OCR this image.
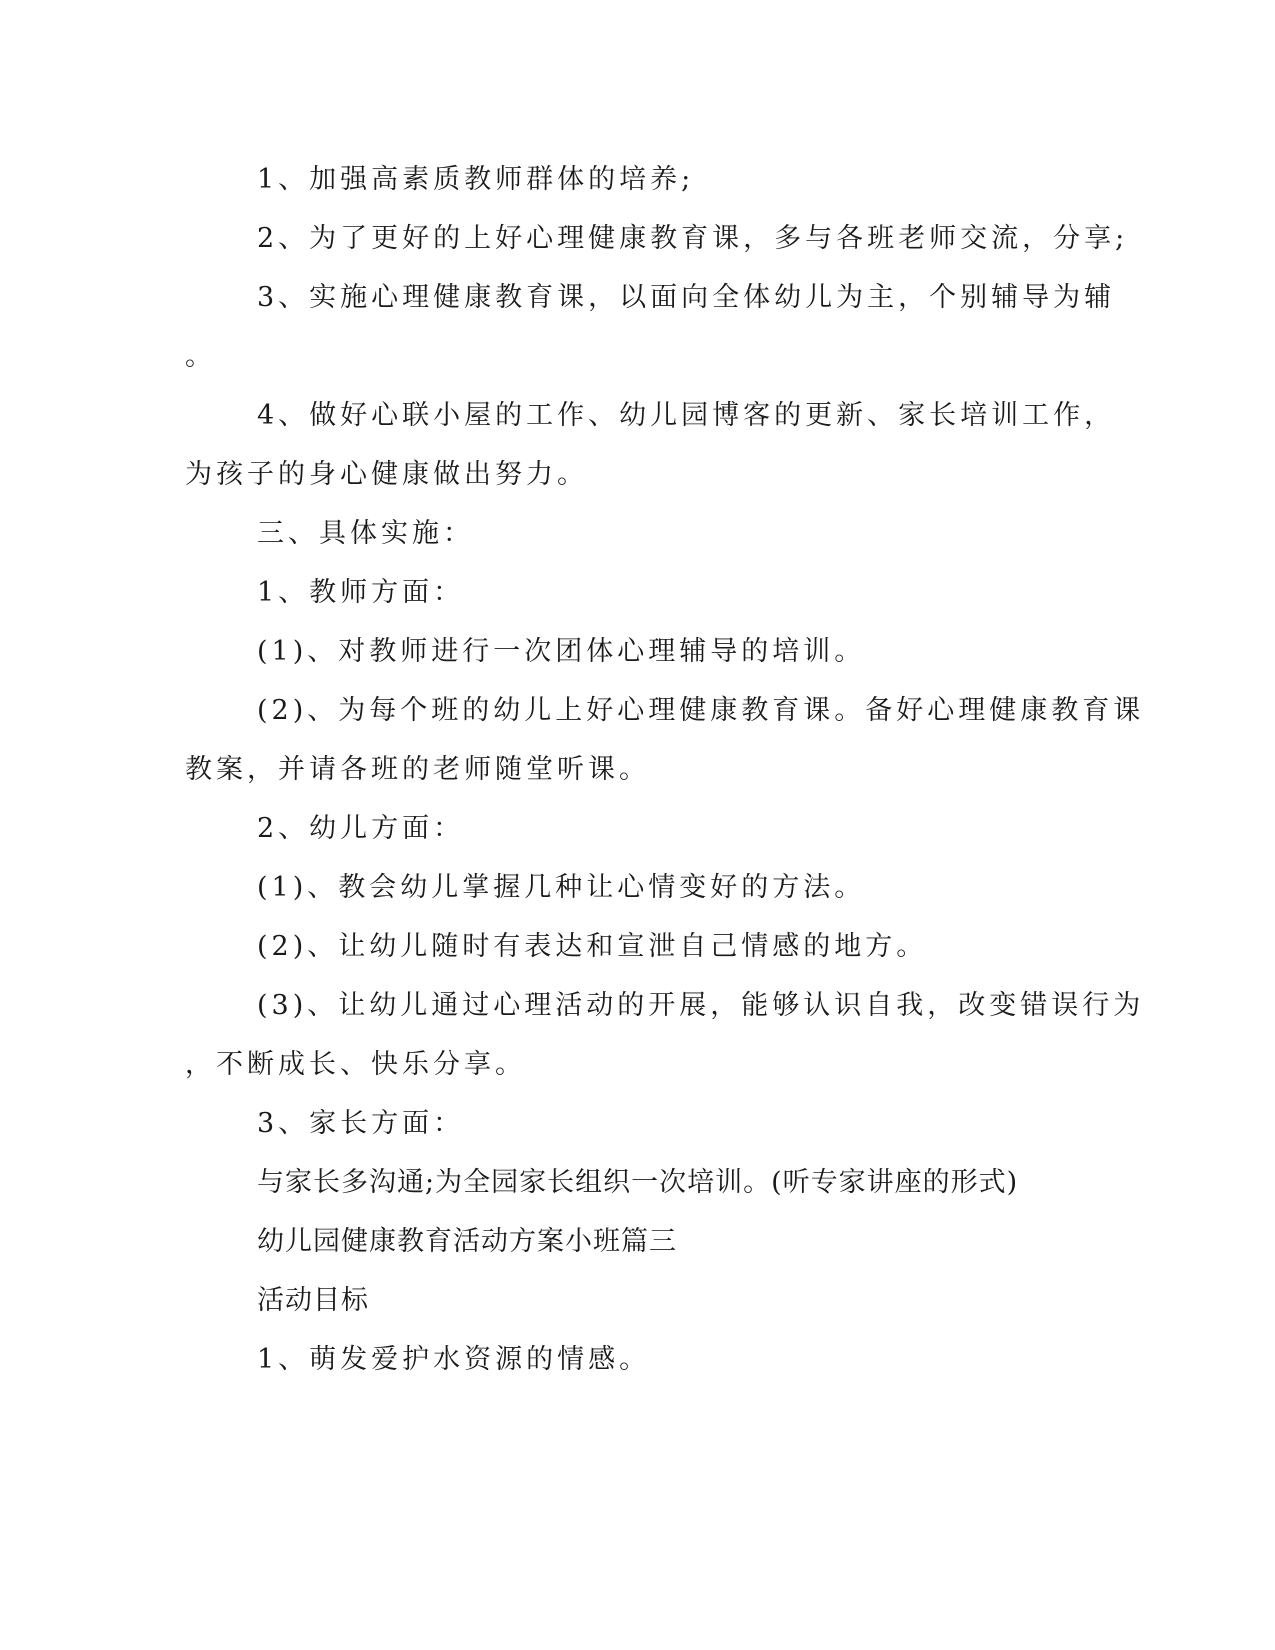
1、加强高素质教师群体的培养;
2、为了更好的上好心理健康教育课，多与各班老师交流，分享;
3、实施心理健康教育课，以面向全体幼儿为主，个别辅导为辅
。
4、做好心联小屋的工作、幼儿园博客的更新、家长培训工作，
为孩子的身心健康做出努力。
三、具体实施：
1、教师方面：
(1)、对教师进行一次团体心理辅导的培训。
(2)、为每个班的幼儿上好心理健康教育课。备好心理健康教育课
教案，并请各班的老师随堂听课。
2、幼儿方面：
(1)、教会幼儿掌握几种让心情变好的方法。
(2)、让幼儿随时有表达和宣泄自己情感的地方。
(3)、让幼儿通过心理活动的开展，能够认识自我，改变错误行为
，不断成长、快乐分享。
3、家长方面：
与家长多沟通;为全园家长组织一次培训。(听专家讲座的形式)
幼儿园健康教育活动方案小班篇三
活动目标
1、萌发爱护水资源的情感。
